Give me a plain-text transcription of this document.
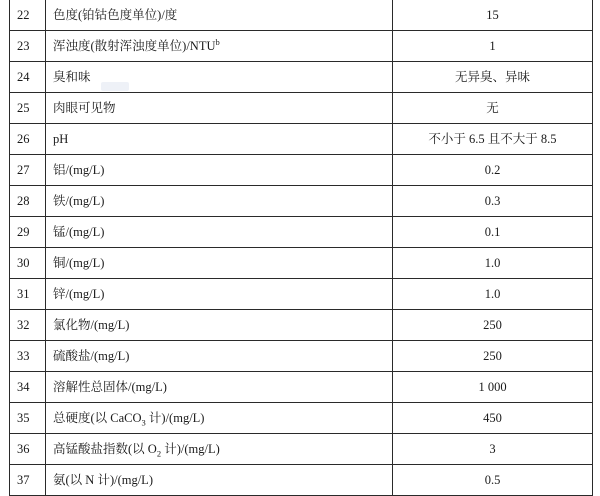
22	色度(铂钴色度单位)/度	15
23	浑浊度(散射浑浊度单位)/NTU$^b$	1
24	臭和味	无异臭、异味
25	肉眼可见物	无
26	pH	不小于 6.5 且不大于 8.5
27	铝/(mg/L)	0.2
28	铁/(mg/L)	0.3
29	锰/(mg/L)	0.1
30	铜/(mg/L)	1.0
31	锌/(mg/L)	1.0
32	氯化物/(mg/L)	250
33	硫酸盐/(mg/L)	250
34	溶解性总固体/(mg/L)	1 000
35	总硬度(以 CaCO$_3$ 计)/(mg/L)	450
36	高锰酸盐指数(以 $O_2$ 计)/(mg/L)	3
37	氨(以 N 计)/(mg/L)	0.5
